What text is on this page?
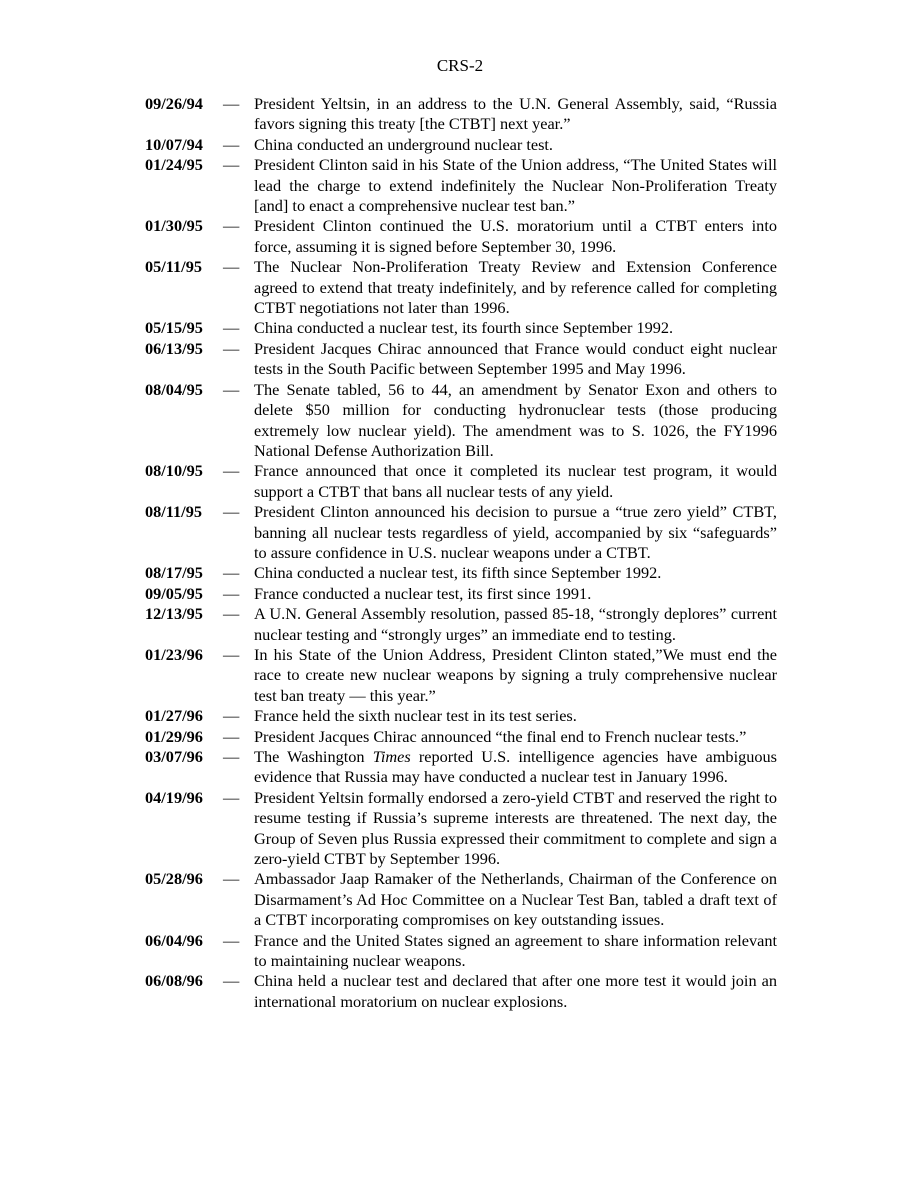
CRS-2
09/26/94	— President Yeltsin, in an address to the U.N. General Assembly, said, “Russia favors signing this treaty [the CTBT] next year.”
10/07/94	— China conducted an underground nuclear test.
01/24/95	— President Clinton said in his State of the Union address, “The United States will lead the charge to extend indefinitely the Nuclear Non-Proliferation Treaty [and] to enact a comprehensive nuclear test ban.”
01/30/95	— President Clinton continued the U.S. moratorium until a CTBT enters into force, assuming it is signed before September 30, 1996.
05/11/95	— The Nuclear Non-Proliferation Treaty Review and Extension Conference agreed to extend that treaty indefinitely, and by reference called for completing CTBT negotiations not later than 1996.
05/15/95	— China conducted a nuclear test, its fourth since September 1992.
06/13/95	— President Jacques Chirac announced that France would conduct eight nuclear tests in the South Pacific between September 1995 and May 1996.
08/04/95	— The Senate tabled, 56 to 44, an amendment by Senator Exon and others to delete $50 million for conducting hydronuclear tests (those producing extremely low nuclear yield). The amendment was to S. 1026, the FY1996 National Defense Authorization Bill.
08/10/95	— France announced that once it completed its nuclear test program, it would support a CTBT that bans all nuclear tests of any yield.
08/11/95	— President Clinton announced his decision to pursue a “true zero yield” CTBT, banning all nuclear tests regardless of yield, accompanied by six “safeguards” to assure confidence in U.S. nuclear weapons under a CTBT.
08/17/95	— China conducted a nuclear test, its fifth since September 1992.
09/05/95	— France conducted a nuclear test, its first since 1991.
12/13/95	— A U.N. General Assembly resolution, passed 85-18, “strongly deplores” current nuclear testing and “strongly urges” an immediate end to testing.
01/23/96	— In his State of the Union Address, President Clinton stated,”We must end the race to create new nuclear weapons by signing a truly comprehensive nuclear test ban treaty — this year.”
01/27/96	— France held the sixth nuclear test in its test series.
01/29/96	— President Jacques Chirac announced “the final end to French nuclear tests.”
03/07/96	— The Washington Times reported U.S. intelligence agencies have ambiguous evidence that Russia may have conducted a nuclear test in January 1996.
04/19/96	— President Yeltsin formally endorsed a zero-yield CTBT and reserved the right to resume testing if Russia’s supreme interests are threatened. The next day, the Group of Seven plus Russia expressed their commitment to complete and sign a zero-yield CTBT by September 1996.
05/28/96	— Ambassador Jaap Ramaker of the Netherlands, Chairman of the Conference on Disarmament’s Ad Hoc Committee on a Nuclear Test Ban, tabled a draft text of a CTBT incorporating compromises on key outstanding issues.
06/04/96	— France and the United States signed an agreement to share information relevant to maintaining nuclear weapons.
06/08/96	— China held a nuclear test and declared that after one more test it would join an international moratorium on nuclear explosions.
